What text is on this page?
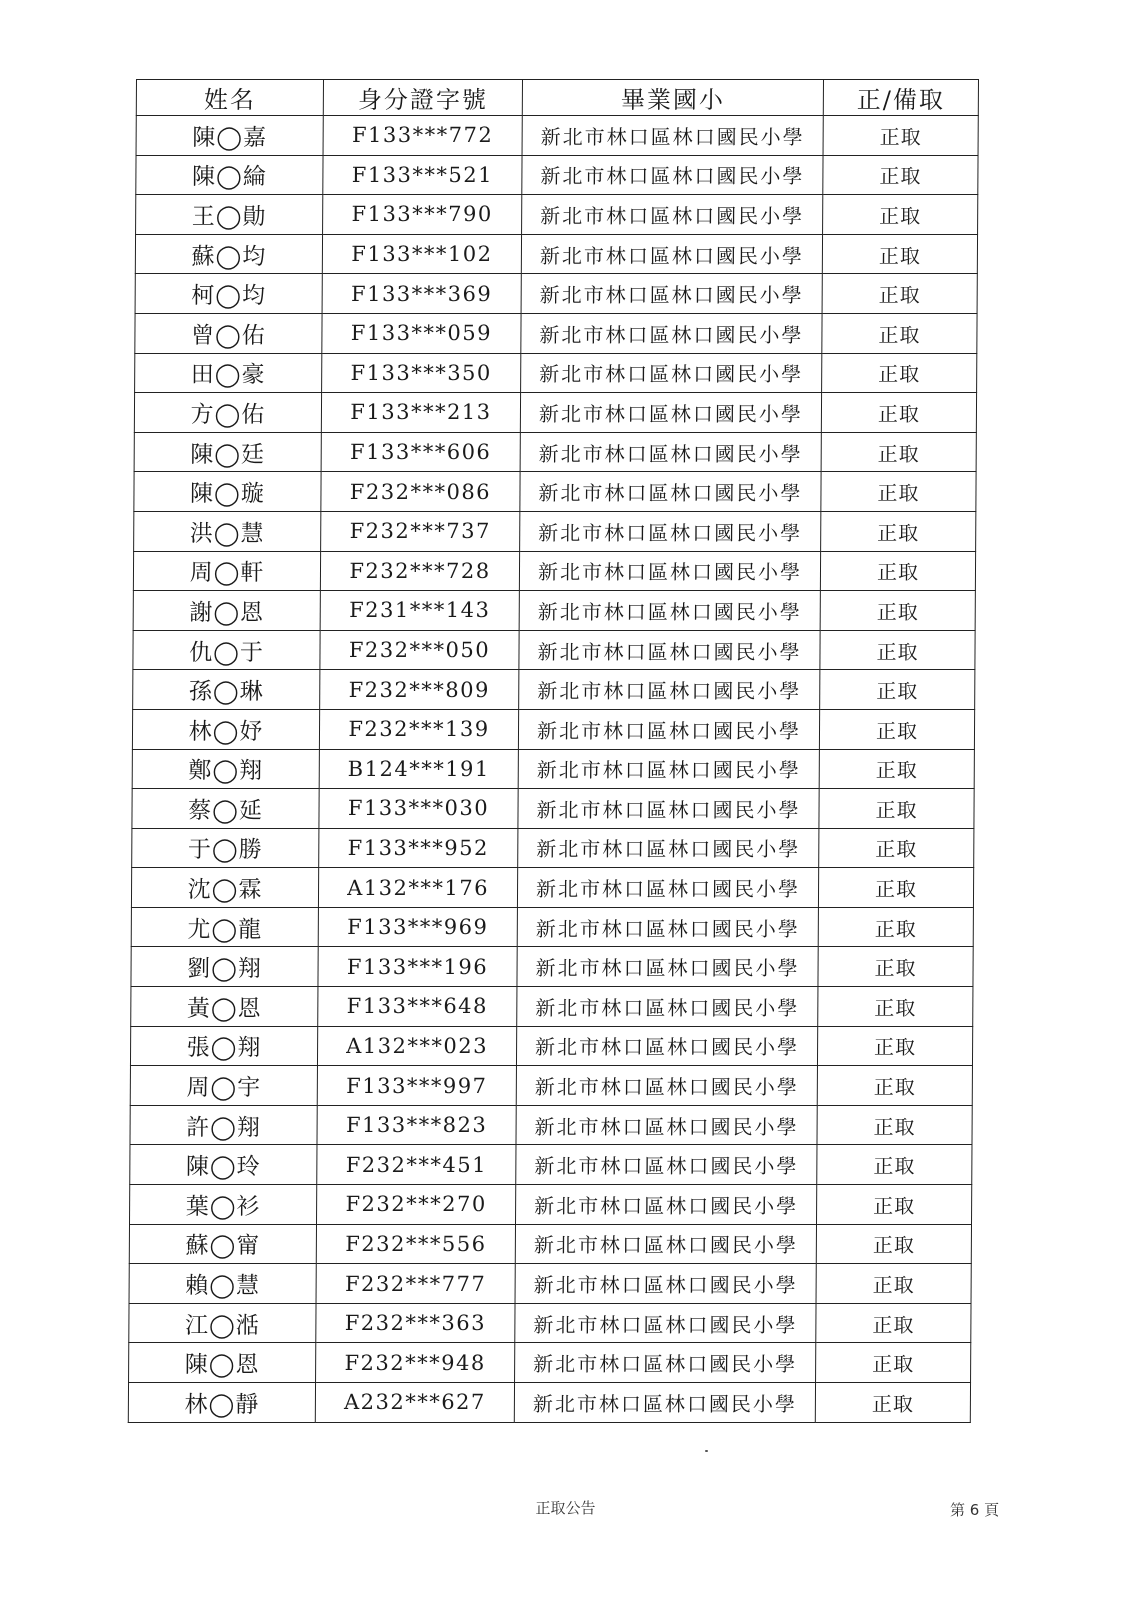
姓名	身分證字號	畢業國小	正/備取
陳◯嘉	F133***772	新北市林口區林口國民小學	正取
陳◯綸	F133***521	新北市林口區林口國民小學	正取
王◯勛	F133***790	新北市林口區林口國民小學	正取
蘇◯均	F133***102	新北市林口區林口國民小學	正取
柯◯均	F133***369	新北市林口區林口國民小學	正取
曾◯佑	F133***059	新北市林口區林口國民小學	正取
田◯豪	F133***350	新北市林口區林口國民小學	正取
方◯佑	F133***213	新北市林口區林口國民小學	正取
陳◯廷	F133***606	新北市林口區林口國民小學	正取
陳◯璇	F232***086	新北市林口區林口國民小學	正取
洪◯慧	F232***737	新北市林口區林口國民小學	正取
周◯軒	F232***728	新北市林口區林口國民小學	正取
謝◯恩	F231***143	新北市林口區林口國民小學	正取
仇◯于	F232***050	新北市林口區林口國民小學	正取
孫◯琳	F232***809	新北市林口區林口國民小學	正取
林◯妤	F232***139	新北市林口區林口國民小學	正取
鄭◯翔	B124***191	新北市林口區林口國民小學	正取
蔡◯延	F133***030	新北市林口區林口國民小學	正取
于◯勝	F133***952	新北市林口區林口國民小學	正取
沈◯霖	A132***176	新北市林口區林口國民小學	正取
尤◯龍	F133***969	新北市林口區林口國民小學	正取
劉◯翔	F133***196	新北市林口區林口國民小學	正取
黃◯恩	F133***648	新北市林口區林口國民小學	正取
張◯翔	A132***023	新北市林口區林口國民小學	正取
周◯宇	F133***997	新北市林口區林口國民小學	正取
許◯翔	F133***823	新北市林口區林口國民小學	正取
陳◯玲	F232***451	新北市林口區林口國民小學	正取
葉◯衫	F232***270	新北市林口區林口國民小學	正取
蘇◯甯	F232***556	新北市林口區林口國民小學	正取
賴◯慧	F232***777	新北市林口區林口國民小學	正取
江◯湉	F232***363	新北市林口區林口國民小學	正取
陳◯恩	F232***948	新北市林口區林口國民小學	正取
林◯靜	A232***627	新北市林口區林口國民小學	正取
正取公告	第 6 頁
